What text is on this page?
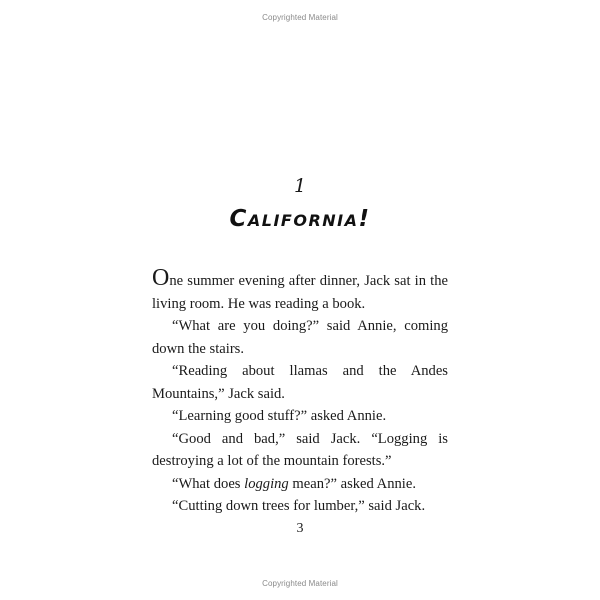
Copyrighted Material
1
California!

One summer evening after dinner, Jack sat in the living room. He was reading a book.

“What are you doing?” said Annie, coming down the stairs.

“Reading about llamas and the Andes Mountains,” Jack said.

“Learning good stuff?” asked Annie.

“Good and bad,” said Jack. “Logging is destroying a lot of the mountain forests.”

“What does logging mean?” asked Annie.

“Cutting down trees for lumber,” said Jack.

3
Copyrighted Material
